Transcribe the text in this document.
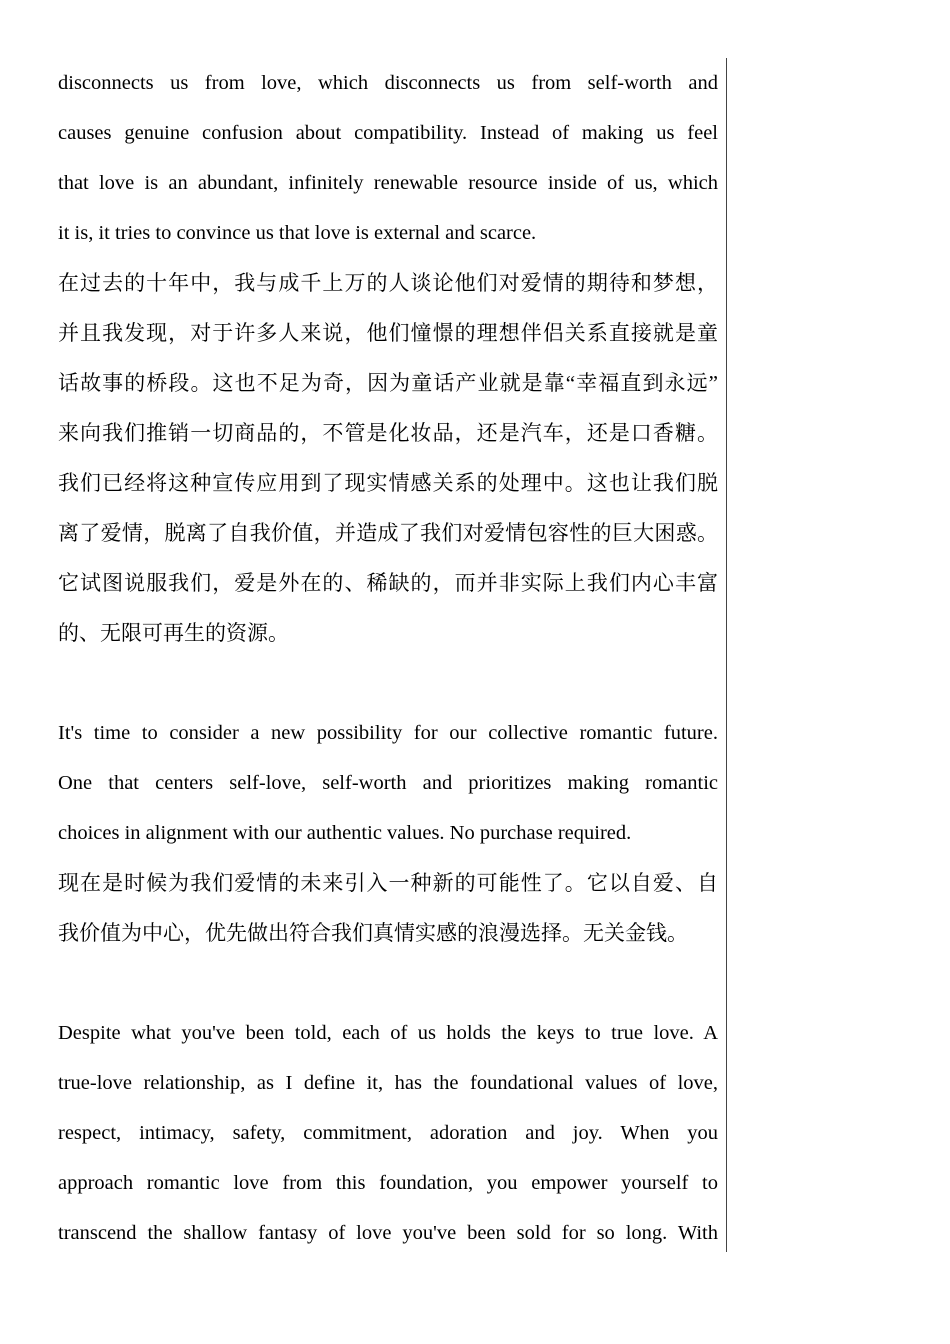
disconnects us from love, which disconnects us from self-worth and
causes genuine confusion about compatibility. Instead of making us feel
that love is an abundant, infinitely renewable resource inside of us, which
it is, it tries to convince us that love is external and scarce.
在过去的十年中，我与成千上万的人谈论他们对爱情的期待和梦想，
并且我发现，对于许多人来说，他们憧憬的理想伴侣关系直接就是童
话故事的桥段。这也不足为奇，因为童话产业就是靠“幸福直到永远”
来向我们推销一切商品的，不管是化妆品，还是汽车，还是口香糖。
我们已经将这种宣传应用到了现实情感关系的处理中。这也让我们脱
离了爱情，脱离了自我价值，并造成了我们对爱情包容性的巨大困惑。
它试图说服我们，爱是外在的、稀缺的，而并非实际上我们内心丰富
的、无限可再生的资源。
It's time to consider a new possibility for our collective romantic future.
One that centers self-love, self-worth and prioritizes making romantic
choices in alignment with our authentic values. No purchase required.
现在是时候为我们爱情的未来引入一种新的可能性了。它以自爱、自
我价值为中心，优先做出符合我们真情实感的浪漫选择。无关金钱。
Despite what you've been told, each of us holds the keys to true love. A
true-love relationship, as I define it, has the foundational values of love,
respect, intimacy, safety, commitment, adoration and joy. When you
approach romantic love from this foundation, you empower yourself to
transcend the shallow fantasy of love you've been sold for so long. With
